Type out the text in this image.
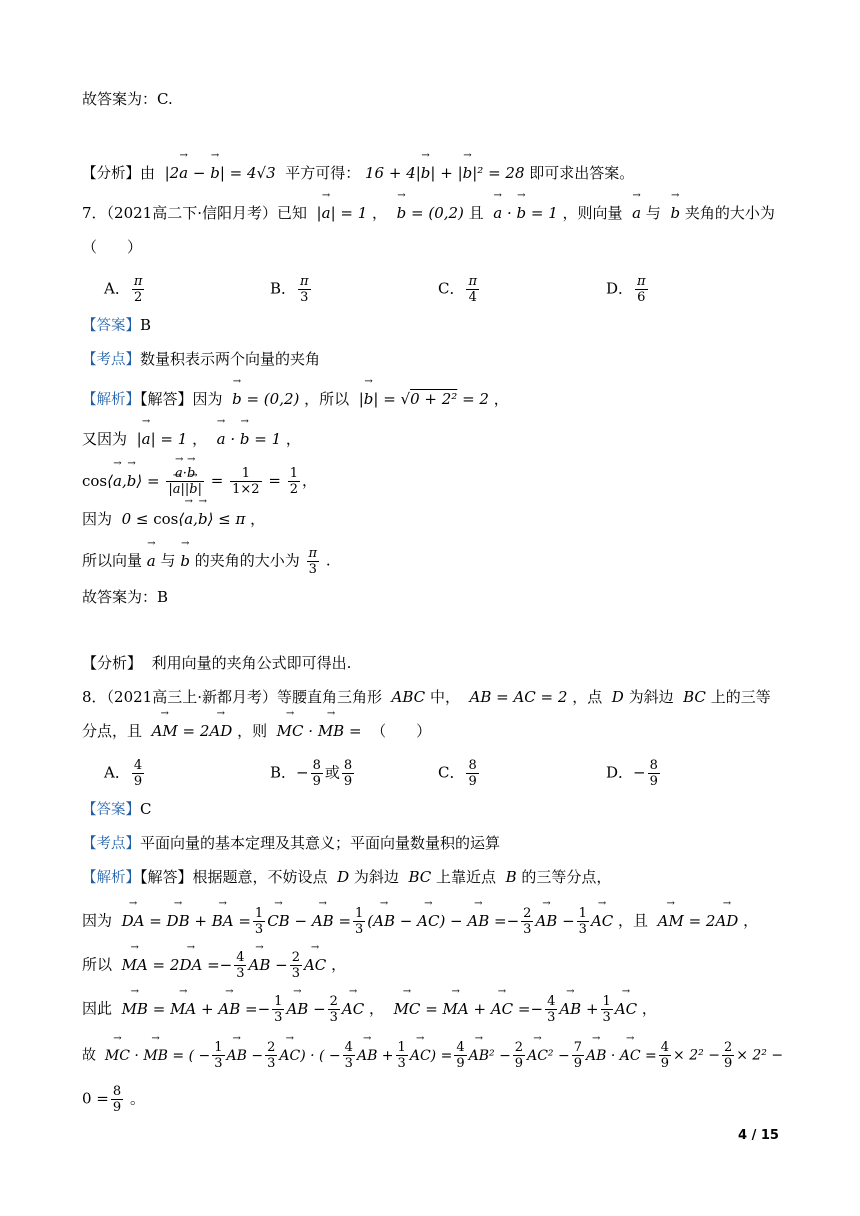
故答案为：C.
【分析】由  |2→ a − → b| = 4√3  平方可得： 16 + 4|→ b| + |→ b|² = 28 即可求出答案。
7．（2021高二下·信阳月考）已知  |→ a| = 1 ， → b = (0,2) 且 → a · → b = 1 ，则向量 → a 与 → b 夹角的大小为
（　　）
A． $\frac{\pi}{2}$	B． $\frac{\pi}{3}$	C． $\frac{\pi}{4}$	D． $\frac{\pi}{6}$
【答案】B
【考点】数量积表示两个向量的夹角
【解析】【解答】因为 → b = (0,2) ，所以  |→ b| = √0 + 2² = 2 ，
又因为  |→ a| = 1 ，  → a · → b = 1 ，
cos⟨→ a,→ b⟩ = → $\frac{a\cdot\to b}{|\to a||\to b|} = \frac{1}{1\times 2} = \frac{1}{2}$ ，
因为  0 ≤ cos⟨→ a,→ b⟩ ≤ π ，
所以向量 → a 与 → b 的夹角的大小为 $\frac{\pi}{3}$ .
故答案为：B
【分析】 利用向量的夹角公式即可得出.
8．（2021高三上·新都月考）等腰直角三角形  ABC 中，  AB = AC = 2 ，点  D 为斜边  BC 上的三等
分点，且 → AM = 2→ AD ，则 → MC · → MB =  （　　）
A． $\frac{4}{9}$	B．− $\frac{8}{9}$ 或 $\frac{8}{9}$	C． $\frac{8}{9}$	D．− $\frac{8}{9}$
【答案】C
【考点】平面向量的基本定理及其意义；平面向量数量积的运算
【解析】【解答】根据题意，不妨设点  D 为斜边  BC 上靠近点  B 的三等分点，
因为 → DA = → DB + → BA = $\frac{1}{3}$ → CB − → AB = $\frac{1}{3}$ (→ AB − → AC) − → AB =− $\frac{2}{3}$ → AB − $\frac{1}{3}$ → AC ，且 → AM = 2→ AD ，
所以 → MA = 2→ DA =− $\frac{4}{3}$ → AB − $\frac{2}{3}$ → AC ，
因此 → MB = → MA + → AB =− $\frac{1}{3}$ → AB − $\frac{2}{3}$ → AC ，  → MC = → MA + → AC =− $\frac{4}{3}$ → AB + $\frac{1}{3}$ → AC ，
故 → MC · → MB = ( − $\frac{1}{3}$ → AB − $\frac{2}{3} \to AC$) · ( − $\frac{4}{3}$ → AB + $\frac{1}{3} \to AC) = \frac{4}{9} \to AB^2 - \frac{2}{9} \to AC^2 - \frac{7}{9}$ → AB · → AC = $\frac{4}{9} \times 2^2 - \frac{2}{9} \times 2^2$ −
$0 = \frac{8}{9}$ 。
4 / 15
